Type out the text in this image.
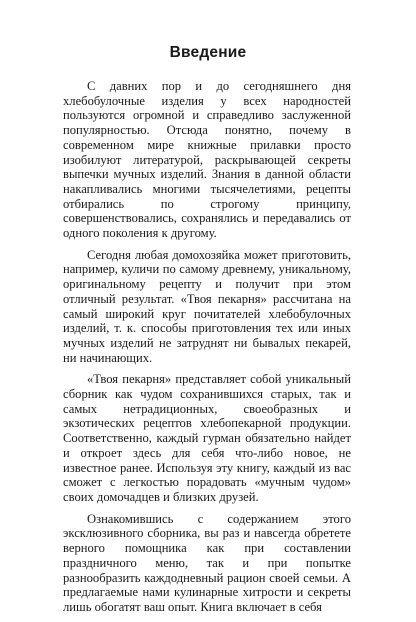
Введение

С давних пор и до сегодняшнего дня хлебобулочные изделия у всех народностей пользуются огромной и справедливо заслуженной популярностью. Отсюда понятно, почему в современном мире книжные прилавки просто изобилуют литературой, раскрывающей секреты выпечки мучных изделий. Знания в данной области накапливались многими тысячелетиями, рецепты отбирались по строгому принципу, совершенствовались, сохранялись и передавались от одного поколения к другому.

Сегодня любая домохозяйка может приготовить, например, куличи по самому древнему, уникальному, оригинальному рецепту и получит при этом отличный результат. «Твоя пекарня» рассчитана на самый широкий круг почитателей хлебобулочных изделий, т. к. способы приготовления тех или иных мучных изделий не затруднят ни бывалых пекарей, ни начинающих.

«Твоя пекарня» представляет собой уникальный сборник как чудом сохранившихся старых, так и самых нетрадиционных, своеобразных и экзотических рецептов хлебопекарной продукции. Соответственно, каждый гурман обязательно найдет и откроет здесь для себя что-либо новое, не известное ранее. Используя эту книгу, каждый из вас сможет с легкостью порадовать «мучным чудом» своих домочадцев и близких друзей.

Ознакомившись с содержанием этого эксклюзивного сборника, вы раз и навсегда обретете верного помощника как при составлении праздничного меню, так и при попытке разнообразить каждодневный рацион своей семьи. А предлагаемые нами кулинарные хитрости и секреты лишь обогатят ваш опыт. Книга включает в себя
